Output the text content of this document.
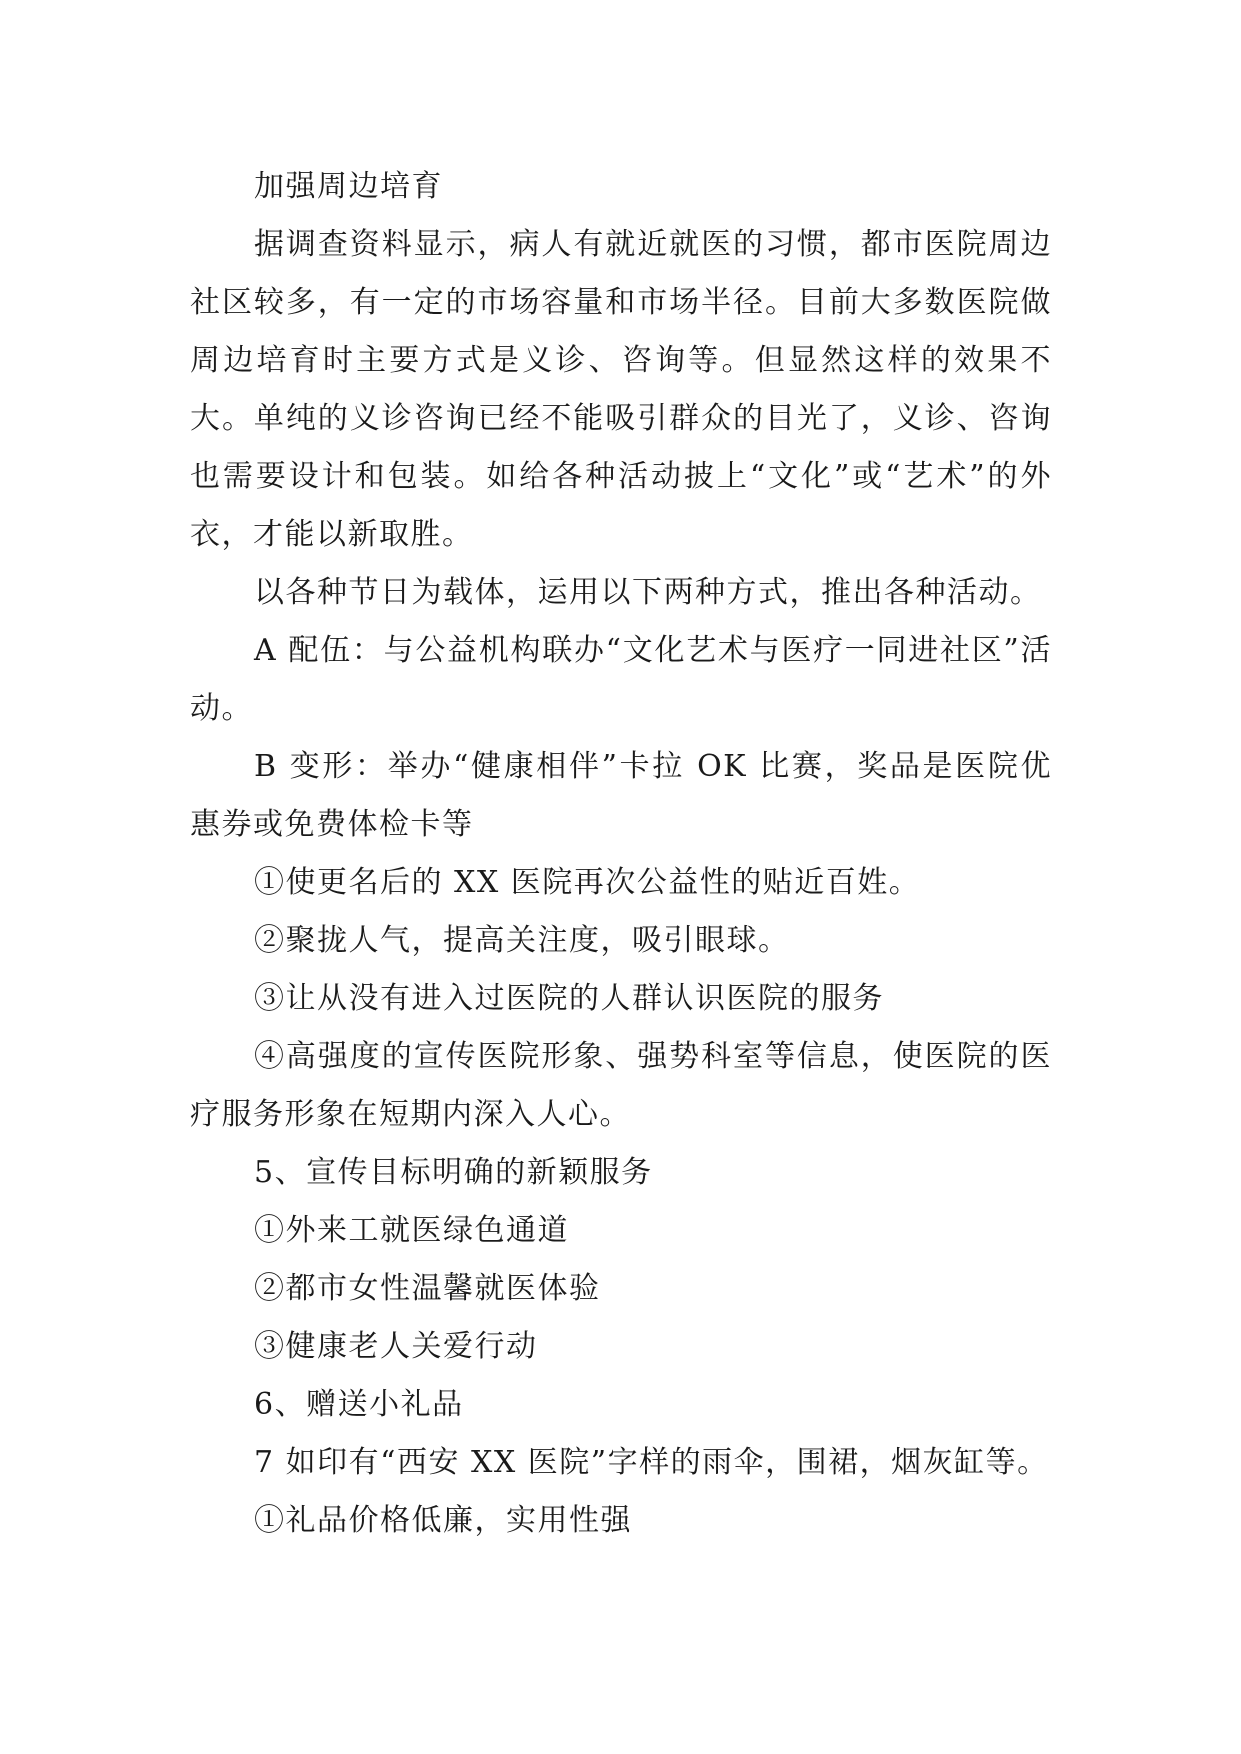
加强周边培育

据调查资料显示，病人有就近就医的习惯，都市医院周边社区较多，有一定的市场容量和市场半径。目前大多数医院做周边培育时主要方式是义诊、咨询等。但显然这样的效果不大。单纯的义诊咨询已经不能吸引群众的目光了，义诊、咨询也需要设计和包装。如给各种活动披上“文化”或“艺术”的外衣，才能以新取胜。

以各种节日为载体，运用以下两种方式，推出各种活动。

A 配伍：与公益机构联办“文化艺术与医疗一同进社区”活动。

B 变形：举办“健康相伴”卡拉 OK 比赛，奖品是医院优惠券或免费体检卡等

①使更名后的 XX 医院再次公益性的贴近百姓。

②聚拢人气，提高关注度，吸引眼球。

③让从没有进入过医院的人群认识医院的服务

④高强度的宣传医院形象、强势科室等信息，使医院的医疗服务形象在短期内深入人心。

5、宣传目标明确的新颖服务

①外来工就医绿色通道

②都市女性温馨就医体验

③健康老人关爱行动

6、赠送小礼品

7 如印有“西安 XX 医院”字样的雨伞，围裙，烟灰缸等。

①礼品价格低廉，实用性强
